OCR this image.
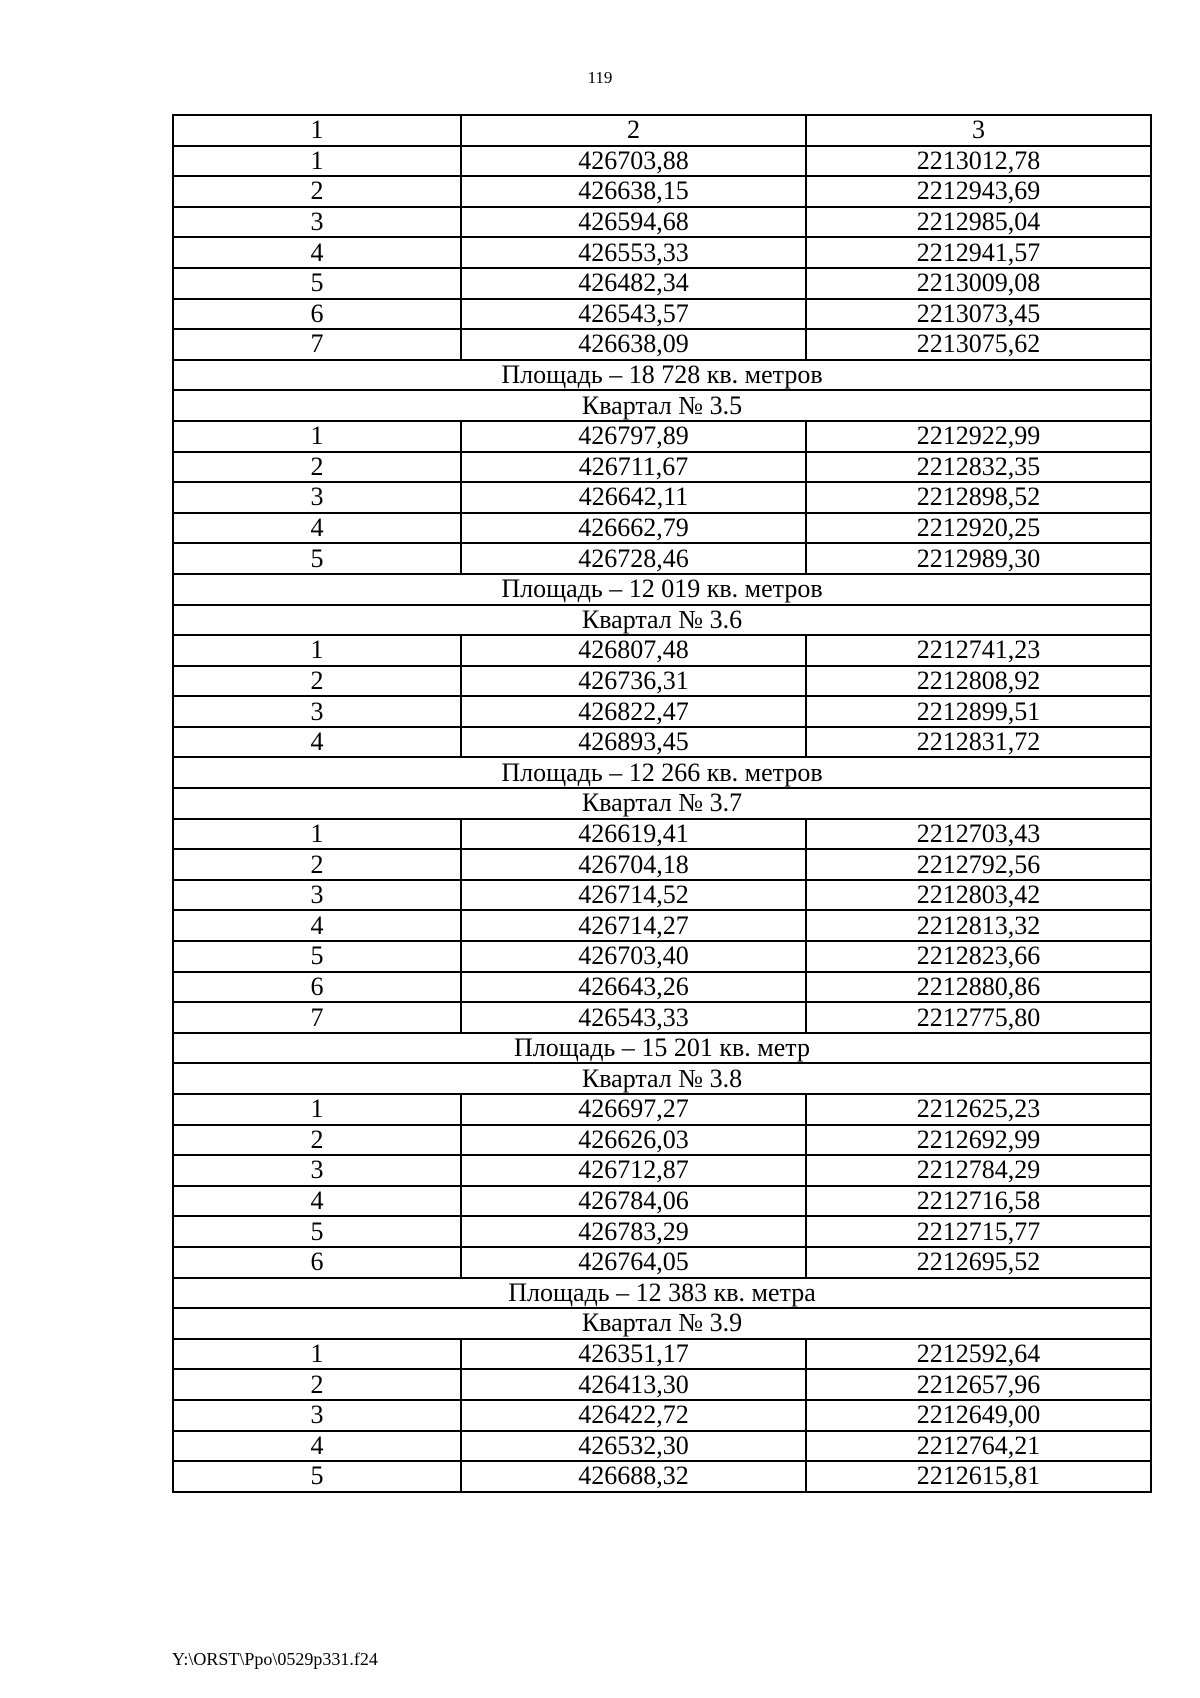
119
1	2	3
1	426703,88	2213012,78
2	426638,15	2212943,69
3	426594,68	2212985,04
4	426553,33	2212941,57
5	426482,34	2213009,08
6	426543,57	2213073,45
7	426638,09	2213075,62
Площадь – 18 728 кв. метров		
Квартал № 3.5		
1	426797,89	2212922,99
2	426711,67	2212832,35
3	426642,11	2212898,52
4	426662,79	2212920,25
5	426728,46	2212989,30
Площадь – 12 019 кв. метров		
Квартал № 3.6		
1	426807,48	2212741,23
2	426736,31	2212808,92
3	426822,47	2212899,51
4	426893,45	2212831,72
Площадь – 12 266 кв. метров		
Квартал № 3.7		
1	426619,41	2212703,43
2	426704,18	2212792,56
3	426714,52	2212803,42
4	426714,27	2212813,32
5	426703,40	2212823,66
6	426643,26	2212880,86
7	426543,33	2212775,80
Площадь – 15 201 кв. метр		
Квартал № 3.8		
1	426697,27	2212625,23
2	426626,03	2212692,99
3	426712,87	2212784,29
4	426784,06	2212716,58
5	426783,29	2212715,77
6	426764,05	2212695,52
Площадь – 12 383 кв. метра		
Квартал № 3.9		
1	426351,17	2212592,64
2	426413,30	2212657,96
3	426422,72	2212649,00
4	426532,30	2212764,21
5	426688,32	2212615,81
Y:\ORST\Ppo\0529p331.f24
